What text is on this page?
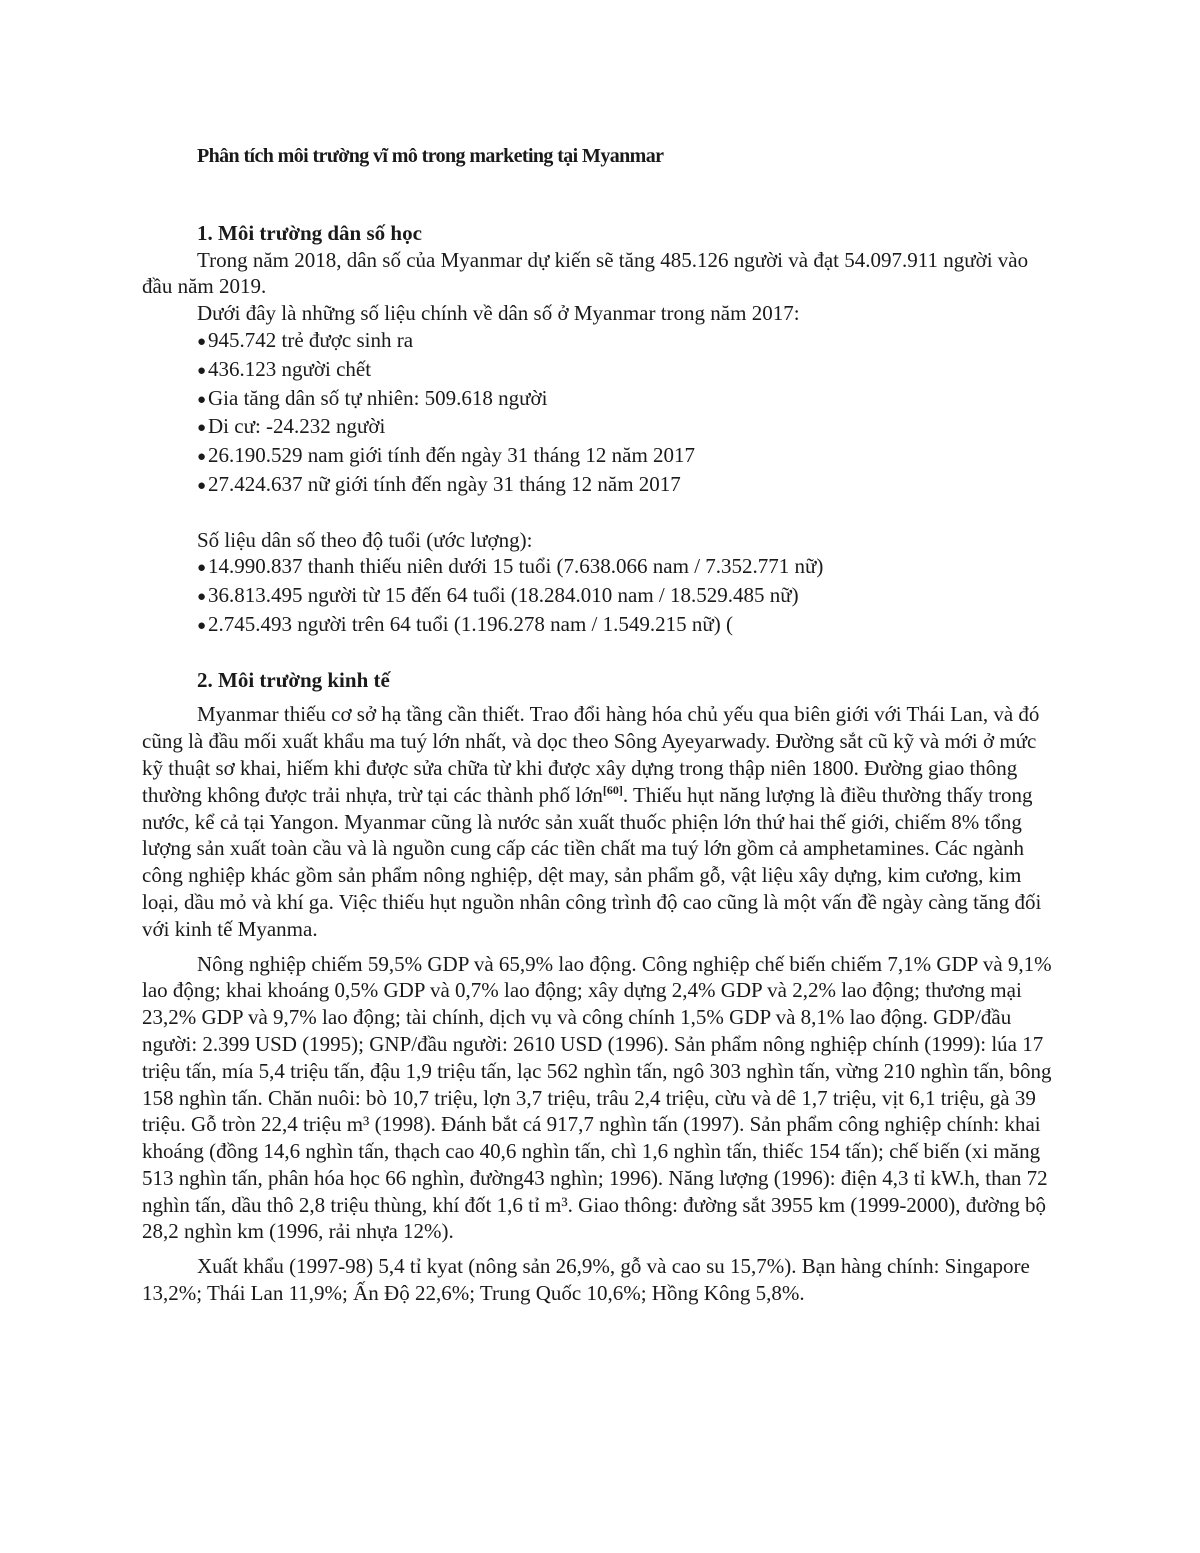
Phân tích môi trường vĩ mô trong marketing tại Myanmar
1. Môi trường dân số học

Trong năm 2018, dân số của Myanmar dự kiến sẽ tăng 485.126 người và đạt 54.097.911 người vào đầu năm 2019.

Dưới đây là những số liệu chính về dân số ở Myanmar trong năm 2017:

●945.742 trẻ được sinh ra
●436.123 người chết
●Gia tăng dân số tự nhiên: 509.618 người
●Di cư: -24.232 người
●26.190.529 nam giới tính đến ngày 31 tháng 12 năm 2017
●27.424.637 nữ giới tính đến ngày 31 tháng 12 năm 2017

Số liệu dân số theo độ tuổi (ước lượng):

●14.990.837 thanh thiếu niên dưới 15 tuổi (7.638.066 nam / 7.352.771 nữ)
●36.813.495 người từ 15 đến 64 tuổi (18.284.010 nam / 18.529.485 nữ)
●2.745.493 người trên 64 tuổi (1.196.278 nam / 1.549.215 nữ) (
2. Môi trường kinh tế

Myanmar thiếu cơ sở hạ tầng cần thiết. Trao đổi hàng hóa chủ yếu qua biên giới với Thái Lan, và đó cũng là đầu mối xuất khẩu ma tuý lớn nhất, và dọc theo Sông Ayeyarwady. Đường sắt cũ kỹ và mới ở mức kỹ thuật sơ khai, hiếm khi được sửa chữa từ khi được xây dựng trong thập niên 1800. Đường giao thông thường không được trải nhựa, trừ tại các thành phố lớn[60]. Thiếu hụt năng lượng là điều thường thấy trong nước, kể cả tại Yangon. Myanmar cũng là nước sản xuất thuốc phiện lớn thứ hai thế giới, chiếm 8% tổng lượng sản xuất toàn cầu và là nguồn cung cấp các tiền chất ma tuý lớn gồm cả amphetamines. Các ngành công nghiệp khác gồm sản phẩm nông nghiệp, dệt may, sản phẩm gỗ, vật liệu xây dựng, kim cương, kim loại, dầu mỏ và khí ga. Việc thiếu hụt nguồn nhân công trình độ cao cũng là một vấn đề ngày càng tăng đối với kinh tế Myanma.

Nông nghiệp chiếm 59,5% GDP và 65,9% lao động. Công nghiệp chế biến chiếm 7,1% GDP và 9,1% lao động; khai khoáng 0,5% GDP và 0,7% lao động; xây dựng 2,4% GDP và 2,2% lao động; thương mại 23,2% GDP và 9,7% lao động; tài chính, dịch vụ và công chính 1,5% GDP và 8,1% lao động. GDP/đầu người: 2.399 USD (1995); GNP/đầu người: 2610 USD (1996). Sản phẩm nông nghiệp chính (1999): lúa 17 triệu tấn, mía 5,4 triệu tấn, đậu 1,9 triệu tấn, lạc 562 nghìn tấn, ngô 303 nghìn tấn, vừng 210 nghìn tấn, bông 158 nghìn tấn. Chăn nuôi: bò 10,7 triệu, lợn 3,7 triệu, trâu 2,4 triệu, cừu và dê 1,7 triệu, vịt 6,1 triệu, gà 39 triệu. Gỗ tròn 22,4 triệu m³ (1998). Đánh bắt cá 917,7 nghìn tấn (1997). Sản phẩm công nghiệp chính: khai khoáng (đồng 14,6 nghìn tấn, thạch cao 40,6 nghìn tấn, chì 1,6 nghìn tấn, thiếc 154 tấn); chế biến (xi măng 513 nghìn tấn, phân hóa học 66 nghìn, đường43 nghìn; 1996). Năng lượng (1996): điện 4,3 tỉ kW.h, than 72 nghìn tấn, dầu thô 2,8 triệu thùng, khí đốt 1,6 tỉ m³. Giao thông: đường sắt 3955 km (1999-2000), đường bộ 28,2 nghìn km (1996, rải nhựa 12%).

Xuất khẩu (1997-98) 5,4 tỉ kyat (nông sản 26,9%, gỗ và cao su 15,7%). Bạn hàng chính: Singapore 13,2%; Thái Lan 11,9%; Ấn Độ 22,6%; Trung Quốc 10,6%; Hồng Kông 5,8%.
